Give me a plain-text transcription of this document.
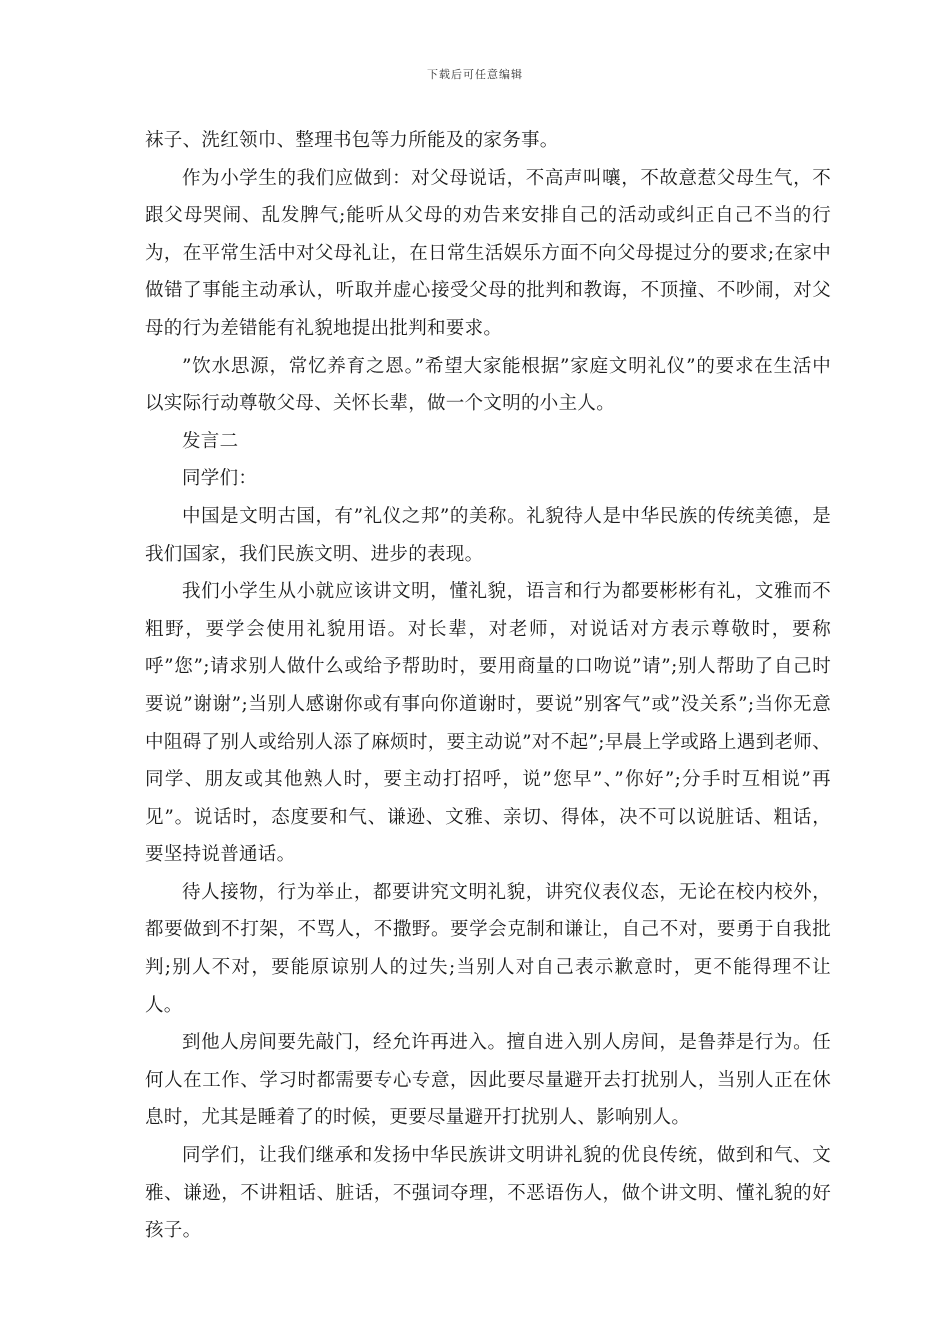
下载后可任意编辑

袜子、洗红领巾、整理书包等力所能及的家务事。

作为小学生的我们应做到：对父母说话，不高声叫嚷，不故意惹父母生气，不跟父母哭闹、乱发脾气;能听从父母的劝告来安排自己的活动或纠正自己不当的行为，在平常生活中对父母礼让，在日常生活娱乐方面不向父母提过分的要求;在家中做错了事能主动承认，听取并虚心接受父母的批判和教诲，不顶撞、不吵闹，对父母的行为差错能有礼貌地提出批判和要求。

”饮水思源，常忆养育之恩。”希望大家能根据”家庭文明礼仪”的要求在生活中以实际行动尊敬父母、关怀长辈，做一个文明的小主人。

发言二

同学们：

中国是文明古国，有”礼仪之邦”的美称。礼貌待人是中华民族的传统美德，是我们国家，我们民族文明、进步的表现。

我们小学生从小就应该讲文明，懂礼貌，语言和行为都要彬彬有礼，文雅而不粗野，要学会使用礼貌用语。对长辈，对老师，对说话对方表示尊敬时，要称呼”您”;请求别人做什么或给予帮助时，要用商量的口吻说”请”;别人帮助了自己时要说”谢谢”;当别人感谢你或有事向你道谢时，要说”别客气”或”没关系”;当你无意中阻碍了别人或给别人添了麻烦时，要主动说”对不起”;早晨上学或路上遇到老师、同学、朋友或其他熟人时，要主动打招呼，说”您早”、”你好”;分手时互相说”再见”。说话时，态度要和气、谦逊、文雅、亲切、得体，决不可以说脏话、粗话，要坚持说普通话。

待人接物，行为举止，都要讲究文明礼貌，讲究仪表仪态，无论在校内校外，都要做到不打架，不骂人，不撒野。要学会克制和谦让，自己不对，要勇于自我批判;别人不对，要能原谅别人的过失;当别人对自己表示歉意时，更不能得理不让人。

到他人房间要先敲门，经允许再进入。擅自进入别人房间，是鲁莽是行为。任何人在工作、学习时都需要专心专意，因此要尽量避开去打扰别人，当别人正在休息时，尤其是睡着了的时候，更要尽量避开打扰别人、影响别人。

同学们，让我们继承和发扬中华民族讲文明讲礼貌的优良传统，做到和气、文雅、谦逊，不讲粗话、脏话，不强词夺理，不恶语伤人，做个讲文明、懂礼貌的好孩子。
